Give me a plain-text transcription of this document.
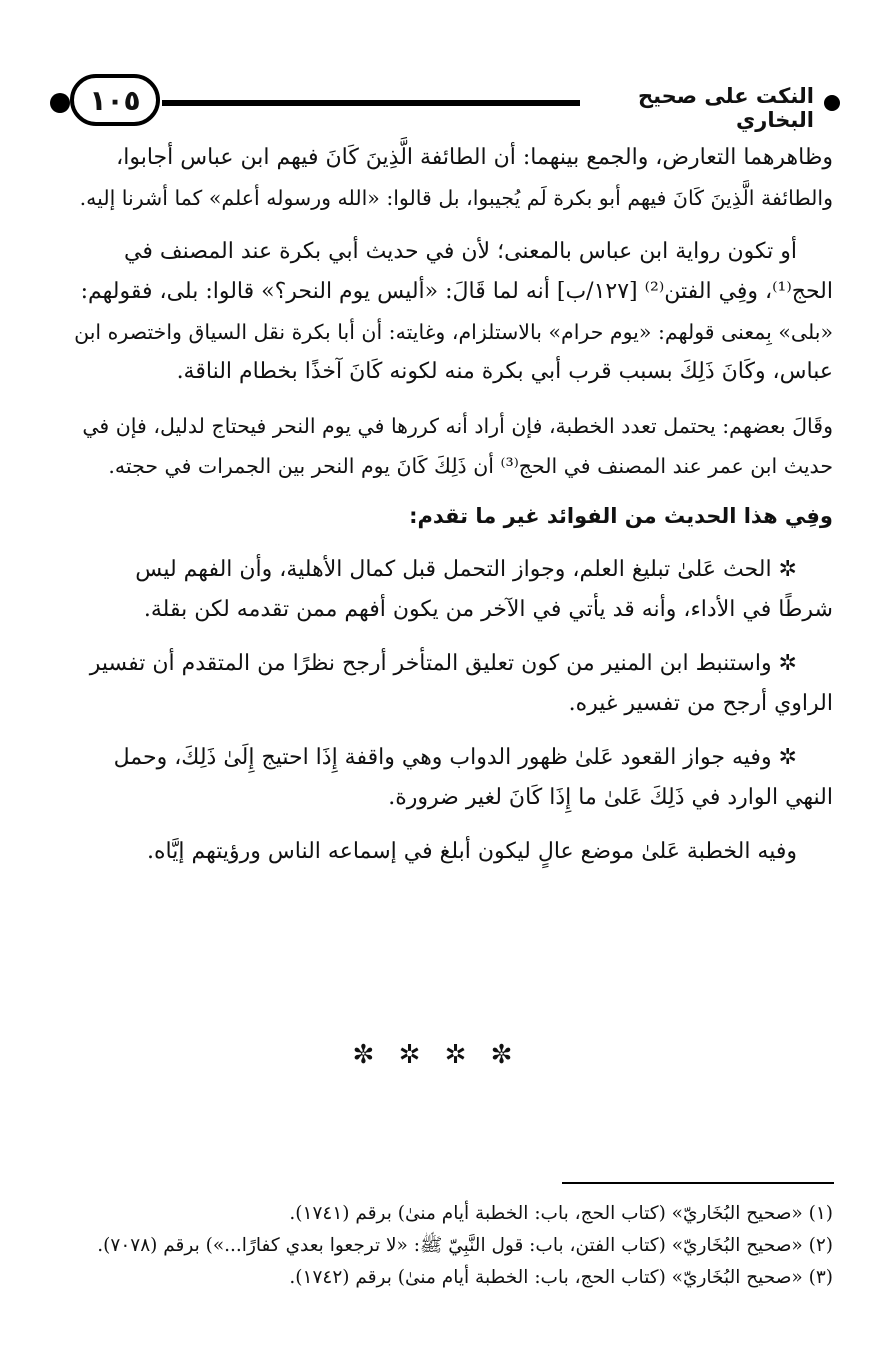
١٠٥	النكت على صحيح البخاري

وظاهرهما التعارض، والجمع بينهما: أن الطائفة الَّذِينَ كَانَ فيهم ابن عباس أجابوا،

والطائفة الَّذِينَ كَانَ فيهم أبو بكرة لَم يُجيبوا، بل قالوا: «الله ورسوله أعلم» كما أشرنا إليه.

أو تكون رواية ابن عباس بالمعنى؛ لأن في حديث أبي بكرة عند المصنف في

الحج⁽¹⁾، وفِي الفتن⁽²⁾ [١٢٧/ب] أنه لما قَالَ: «أليس يوم النحر؟» قالوا: بلى، فقولهم:

«بلى» بِمعنى قولهم: «يوم حرام» بالاستلزام، وغايته: أن أبا بكرة نقل السياق واختصره ابن

عباس، وكَانَ ذَلِكَ بسبب قرب أبي بكرة منه لكونه كَانَ آخذًا بخطام الناقة.

وقَالَ بعضهم: يحتمل تعدد الخطبة، فإن أراد أنه كررها في يوم النحر فيحتاج لدليل، فإن في

حديث ابن عمر عند المصنف في الحج⁽³⁾ أن ذَلِكَ كَانَ يوم النحر بين الجمرات في حجته.

وفِي هذا الحديث من الفوائد غير ما تقدم:

✲ الحث عَلىٰ تبليغ العلم، وجواز التحمل قبل كمال الأهلية، وأن الفهم ليس

شرطًا في الأداء، وأنه قد يأتي في الآخر من يكون أفهم ممن تقدمه لكن بقلة.

✲ واستنبط ابن المنير من كون تعليق المتأخر أرجح نظرًا من المتقدم أن تفسير

الراوي أرجح من تفسير غيره.

✲ وفيه جواز القعود عَلىٰ ظهور الدواب وهي واقفة إِذَا احتيج إِلَىٰ ذَلِكَ، وحمل

النهي الوارد في ذَلِكَ عَلىٰ ما إِذَا كَانَ لغير ضرورة.

وفيه الخطبة عَلىٰ موضع عالٍ ليكون أبلغ في إسماعه الناس ورؤيتهم إيَّاه.

✼ ✲ ✲ ✼

(١) «صحيح البُخَاريّ» (كتاب الحج، باب: الخطبة أيام منىٰ) برقم (١٧٤١).

(٢) «صحيح البُخَاريّ» (كتاب الفتن، باب: قول النَّبِيّ ﷺ: «لا ترجعوا بعدي كفارًا...») برقم (٧٠٧٨).

(٣) «صحيح البُخَاريّ» (كتاب الحج، باب: الخطبة أيام منىٰ) برقم (١٧٤٢).
